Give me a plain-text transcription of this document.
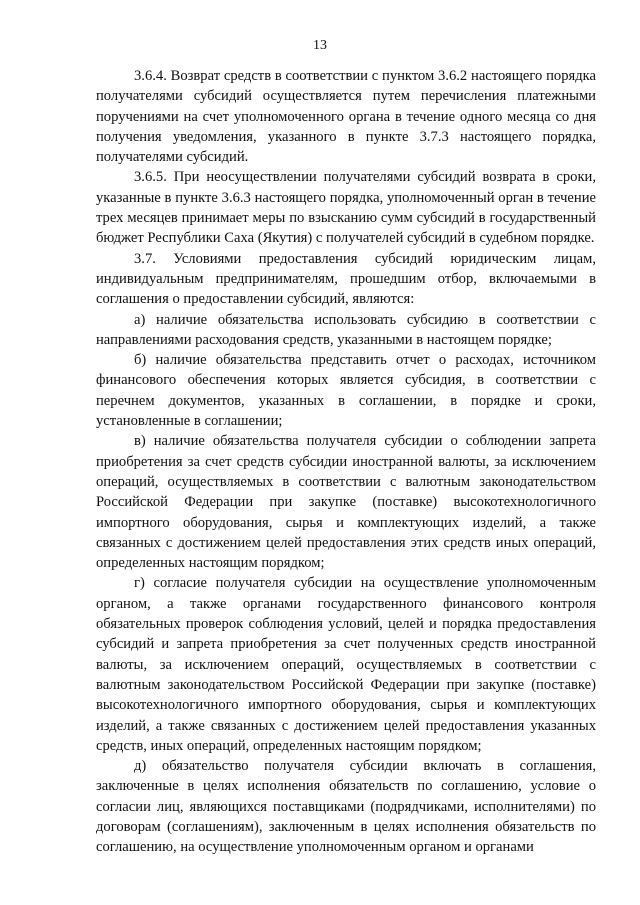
13

3.6.4. Возврат средств в соответствии с пунктом 3.6.2 настоящего порядка получателями субсидий осуществляется путем перечисления платежными поручениями на счет уполномоченного органа в течение одного месяца со дня получения уведомления, указанного в пункте 3.7.3 настоящего порядка, получателями субсидий.

3.6.5. При неосуществлении получателями субсидий возврата в сроки, указанные в пункте 3.6.3 настоящего порядка, уполномоченный орган в течение трех месяцев принимает меры по взысканию сумм субсидий в государственный бюджет Республики Саха (Якутия) с получателей субсидий в судебном порядке.

3.7. Условиями предоставления субсидий юридическим лицам, индивидуальным предпринимателям, прошедшим отбор, включаемыми в соглашения о предоставлении субсидий, являются:

а) наличие обязательства использовать субсидию в соответствии с направлениями расходования средств, указанными в настоящем порядке;

б) наличие обязательства представить отчет о расходах, источником финансового обеспечения которых является субсидия, в соответствии с перечнем документов, указанных в соглашении, в порядке и сроки, установленные в соглашении;

в) наличие обязательства получателя субсидии о соблюдении запрета приобретения за счет средств субсидии иностранной валюты, за исключением операций, осуществляемых в соответствии с валютным законодательством Российской Федерации при закупке (поставке) высокотехнологичного импортного оборудования, сырья и комплектующих изделий, а также связанных с достижением целей предоставления этих средств иных операций, определенных настоящим порядком;

г) согласие получателя субсидии на осуществление уполномоченным органом, а также органами государственного финансового контроля обязательных проверок соблюдения условий, целей и порядка предоставления субсидий и запрета приобретения за счет полученных средств иностранной валюты, за исключением операций, осуществляемых в соответствии с валютным законодательством Российской Федерации при закупке (поставке) высокотехнологичного импортного оборудования, сырья и комплектующих изделий, а также связанных с достижением целей предоставления указанных средств, иных операций, определенных настоящим порядком;

д) обязательство получателя субсидии включать в соглашения, заключенные в целях исполнения обязательств по соглашению, условие о согласии лиц, являющихся поставщиками (подрядчиками, исполнителями) по договорам (соглашениям), заключенным в целях исполнения обязательств по соглашению, на осуществление уполномоченным органом и органами
